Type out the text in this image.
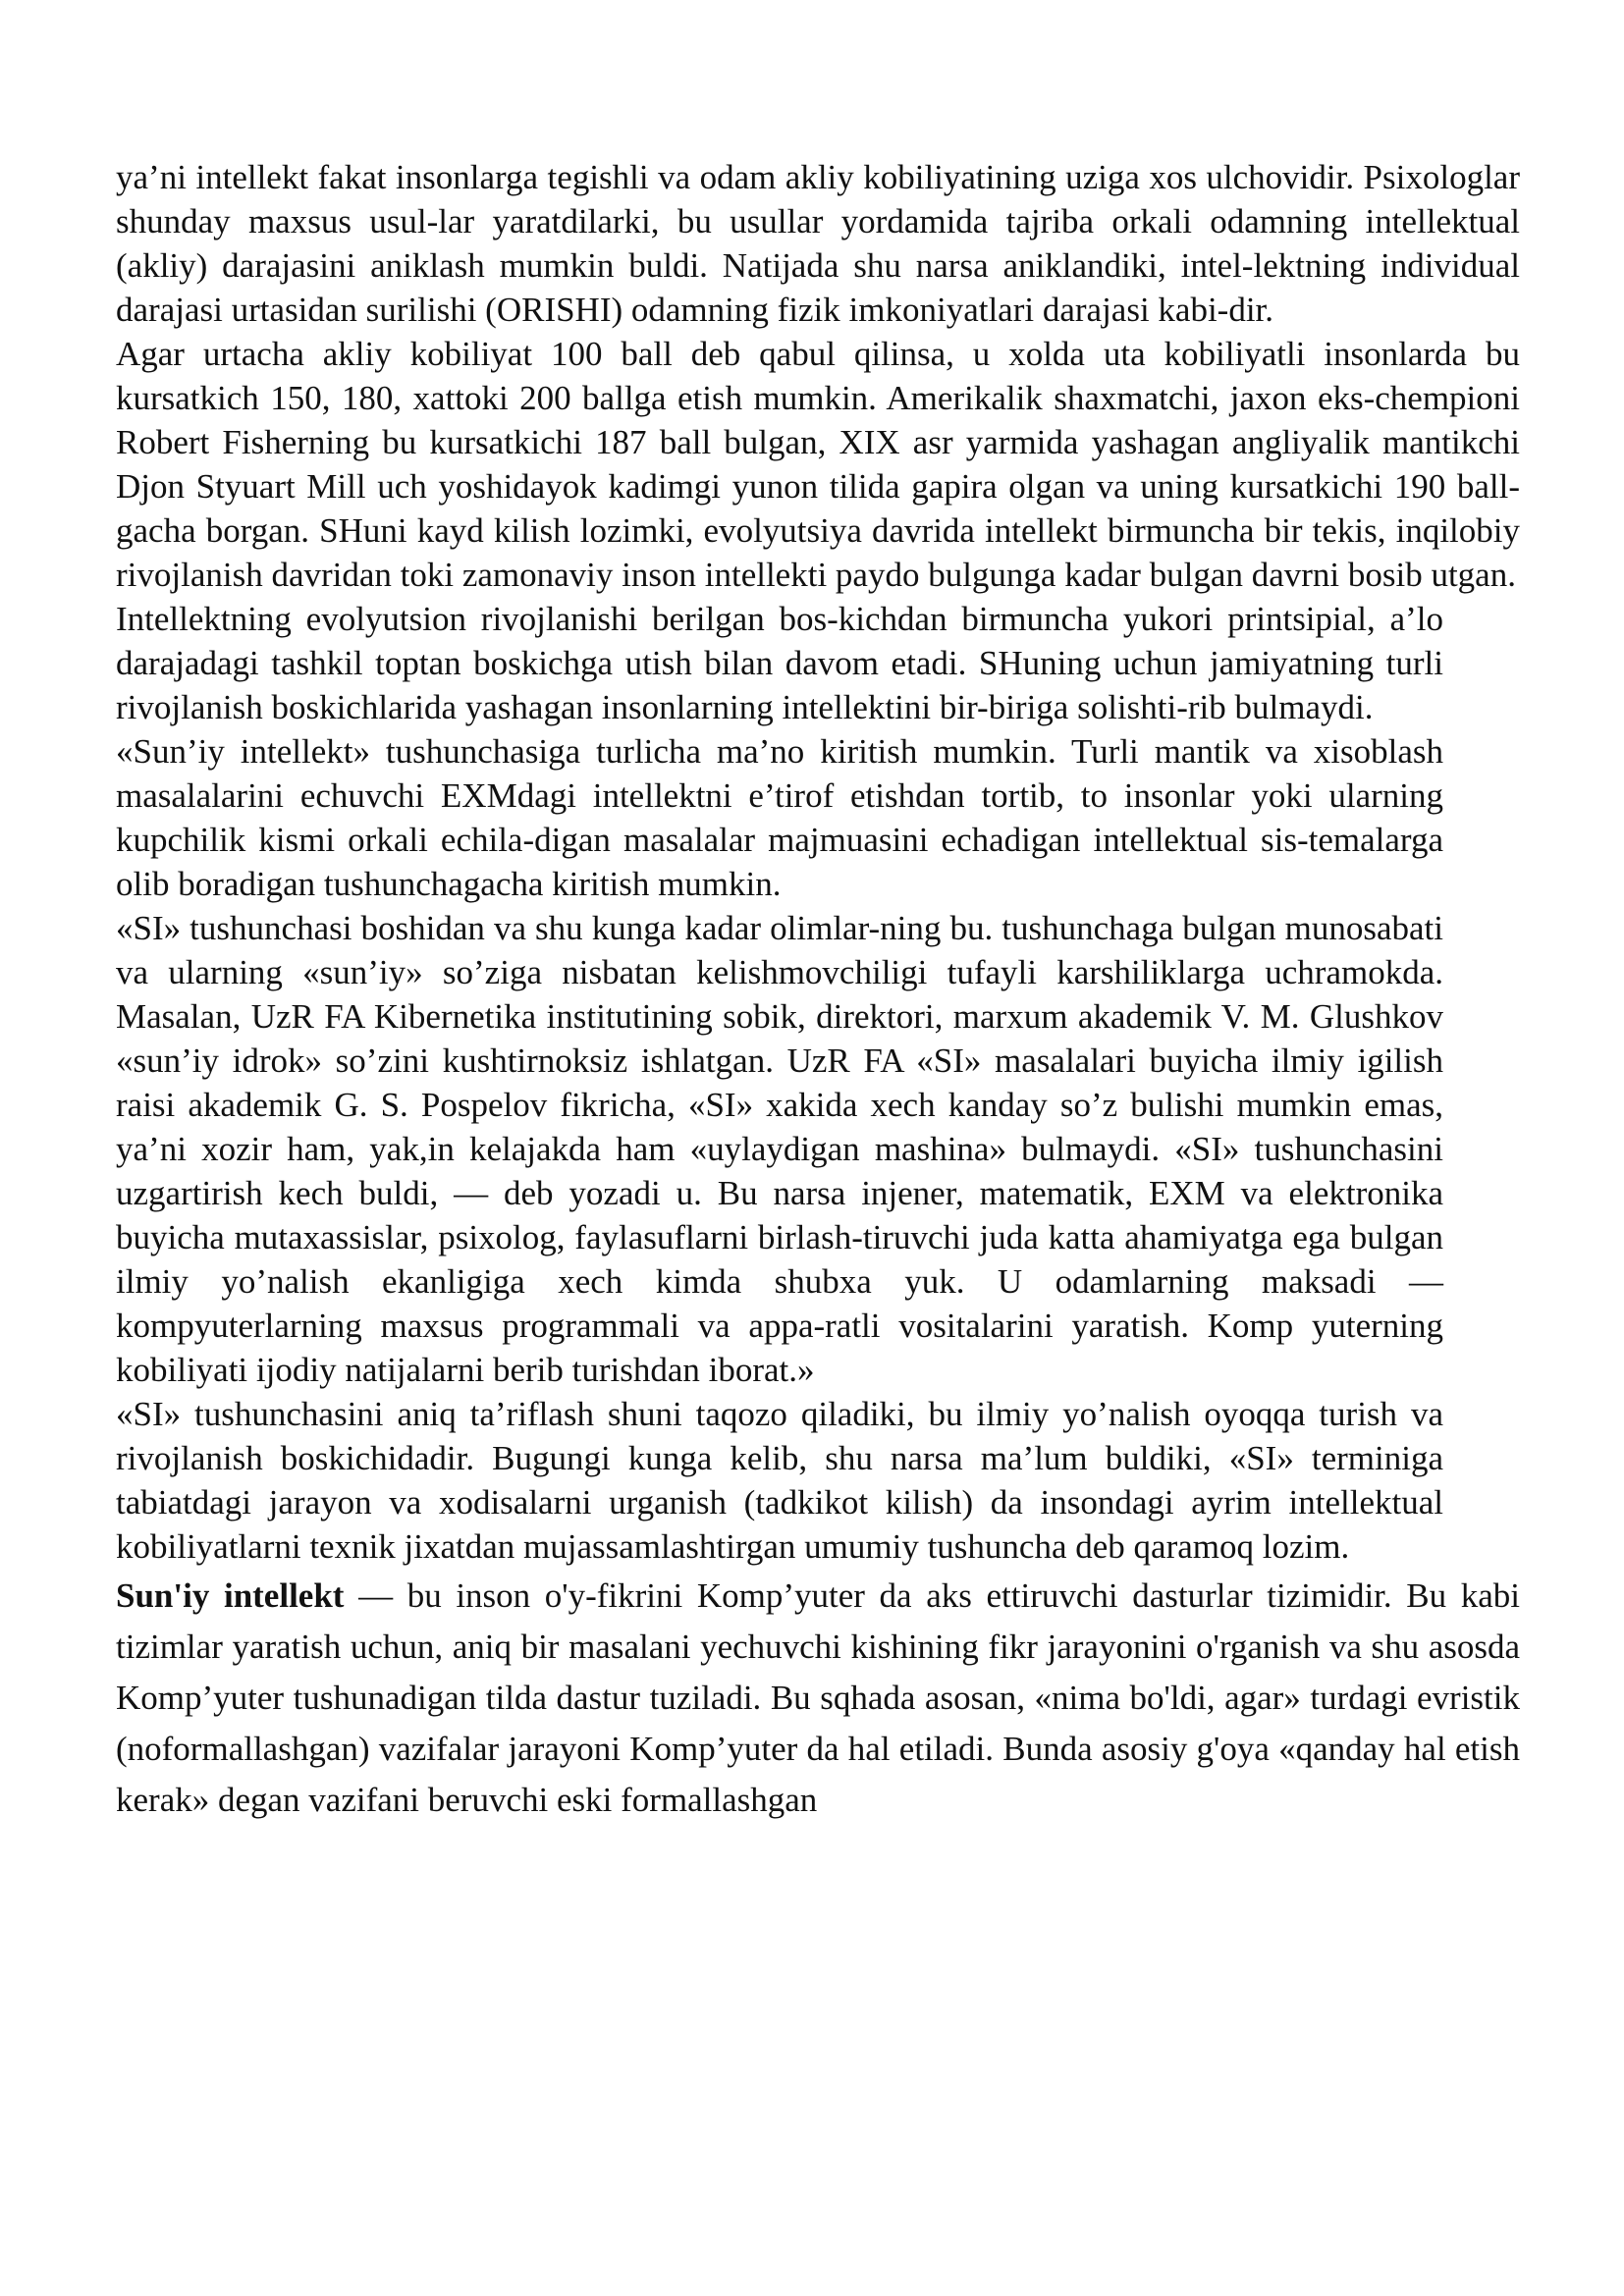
ya’ni intellekt fakat insonlarga tegishli va odam akliy kobiliyatining uziga xos ulchovidir. Psixologlar shunday maxsus usul-lar yaratdilarki, bu usullar yordamida tajriba orkali odamning intellektual (akliy) darajasini aniklash mumkin buldi. Natijada shu narsa aniklandiki, intel-lektning individual darajasi urtasidan surilishi (ORISHI) odamning fizik imkoniyatlari darajasi kabi-dir.

Agar urtacha akliy kobiliyat 100 ball deb qabul qilinsa, u xolda uta kobiliyatli insonlarda bu kursatkich 150, 180, xattoki 200 ballga etish mumkin. Amerikalik shaxmatchi, jaxon eks-chempioni Robert Fisherning bu kursatkichi 187 ball bulgan, XIX asr yarmida yashagan angliyalik mantikchi Djon Styuart Mill uch yoshidayok kadimgi yunon tilida gapira olgan va uning kursatkichi 190 ball-gacha borgan. SHuni kayd kilish lozimki, evolyutsiya davrida intellekt birmuncha bir tekis, inqilobiy rivojlanish davridan toki zamonaviy inson intellekti paydo bulgunga kadar bulgan davrni bosib utgan.

Intellektning evolyutsion rivojlanishi berilgan bos-kichdan birmuncha yukori printsipial, a’lo darajadagi tashkil toptan boskichga utish bilan davom etadi. SHuning uchun jamiyatning turli rivojlanish boskichlarida yashagan insonlarning intellektini bir-biriga solishti-rib bulmaydi.

«Sun’iy intellekt» tushunchasiga turlicha ma’no kiritish mumkin. Turli mantik va xisoblash masalalarini echuvchi EXMdagi intellektni e’tirof etishdan tortib, to insonlar yoki ularning kupchilik kismi orkali echila-digan masalalar majmuasini echadigan intellektual sis-temalarga olib boradigan tushunchagacha kiritish mumkin.

«SI» tushunchasi boshidan va shu kunga kadar olimlar-ning bu. tushunchaga bulgan munosabati va ularning «sun’iy» so’ziga nisbatan kelishmovchiligi tufayli karshiliklarga uchramokda. Masalan, UzR FA Kibernetika institutining sobik, direktori, marxum akademik V. M. Glushkov «sun’iy idrok» so’zini kushtirnoksiz ishlatgan. UzR FA «SI» masalalari buyicha ilmiy igilish raisi akademik G. S. Pospelov fikricha, «SI» xakida xech kanday so’z bulishi mumkin emas, ya’ni xozir ham, yak,in kelajakda ham «uylaydigan mashina» bulmaydi. «SI» tushunchasini uzgartirish kech buldi, — deb yozadi u. Bu narsa injener, matematik, EXM va elektronika buyicha mutaxassislar, psixolog, faylasuflarni birlash-tiruvchi juda katta ahamiyatga ega bulgan ilmiy yo’nalish ekanligiga xech kimda shubxa yuk. U odamlarning maksadi — kompyuterlarning maxsus programmali va appa-ratli vositalarini yaratish. Komp yuterning kobiliyati ijodiy natijalarni berib turishdan iborat.»

«SI» tushunchasini aniq ta’riflash shuni taqozo qiladiki, bu ilmiy yo’nalish oyoqqa turish va rivojlanish boskichidadir. Bugungi kunga kelib, shu narsa ma’lum buldiki, «SI» terminiga tabiatdagi jarayon va xodisalarni urganish (tadkikot kilish) da insondagi ayrim intellektual kobiliyatlarni texnik jixatdan mujassamlashtirgan umumiy tushuncha deb qaramoq lozim.

Sun'iy intellekt — bu inson o'y-fikrini Komp’yuter da aks ettiruvchi dasturlar tizimidir. Bu kabi tizimlar yaratish uchun, aniq bir masalani yechuvchi kishining fikr jarayonini o'rganish va shu asosda Komp’yuter tushunadigan tilda dastur tuziladi. Bu sqhada asosan, «nima bo'ldi, agar» turdagi evristik (noformallashgan) vazifalar jarayoni Komp’yuter da hal etiladi. Bunda asosiy g'oya «qanday hal etish kerak» degan vazifani beruvchi eski formallashgan
